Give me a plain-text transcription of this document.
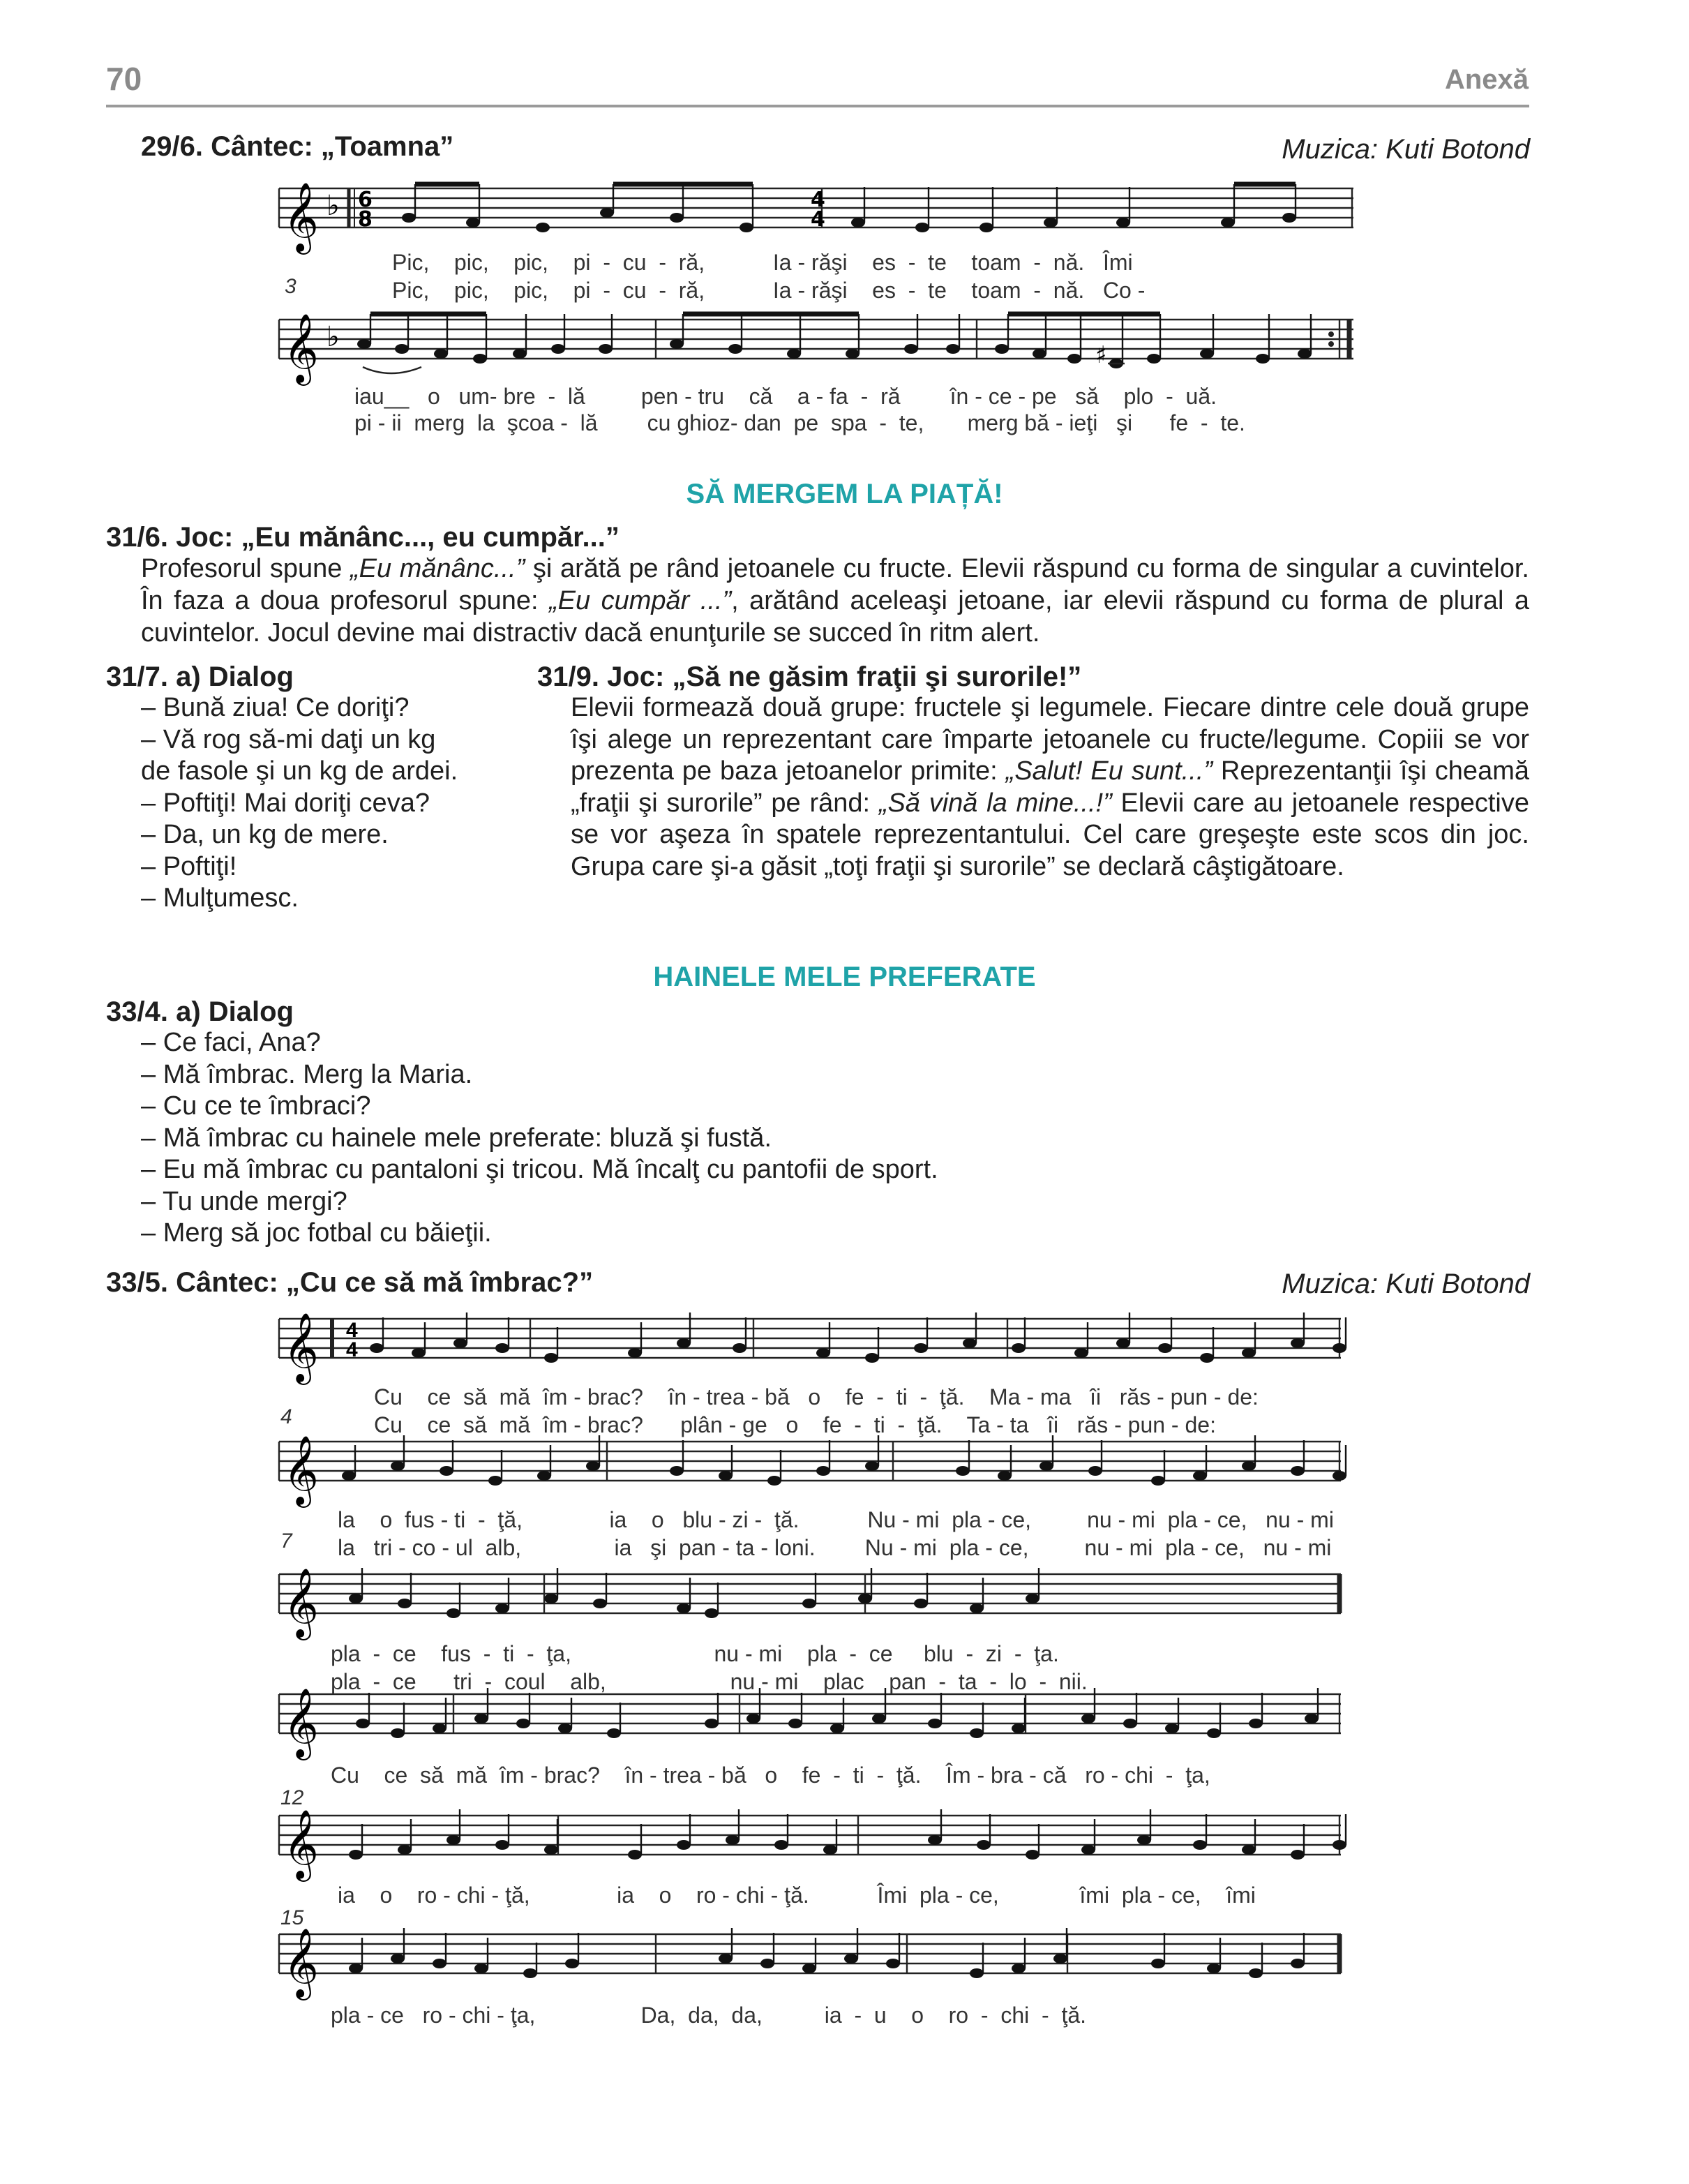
70	Anexă
29/6. Cântec: „Toamna”	Muzica: Kuti Botond
𝄞 ♭ 6
8
4
4
Pic,    pic,    pic,    pi  -  cu  -  ră,           Ia - răşi    es  -  te    toam  -  nă.   Îmi
Pic,    pic,    pic,    pi  -  cu  -  ră,           Ia - răşi    es  -  te    toam  -  nă.   Co -
3
𝄞 ♭
♯
iau__   o   um- bre  -  lă         pen - tru    că    a - fa  -  ră        în - ce - pe   să    plo  -  uă.
pi - ii  merg  la  şcoa -  lă        cu ghioz- dan  pe  spa  -  te,       merg bă - ieţi   şi      fe  -  te.
SĂ MERGEM LA PIAȚĂ!
31/6. Joc: „Eu mănânc..., eu cumpăr...”
Profesorul spune „Eu mănânc...” şi arătă pe rând jetoanele cu fructe. Elevii răspund cu forma de singular a cuvintelor. În faza a doua profesorul spune: „Eu cumpăr ...”, arătând aceleaşi jetoane, iar elevii răspund cu forma de plural a cuvintelor. Jocul devine mai distractiv dacă enunţurile se succed în ritm alert.
31/7. a) Dialog
– Bună ziua! Ce doriţi?
– Vă rog să-mi daţi un kg
de fasole şi un kg de ardei.
– Poftiţi! Mai doriţi ceva?
– Da, un kg de mere.
– Poftiţi!
– Mulţumesc.
31/9. Joc: „Să ne găsim fraţii şi surorile!”
Elevii formează două grupe: fructele şi legumele. Fiecare dintre cele două grupe îşi alege un reprezentant care împarte jetoanele cu fructe/legume. Copiii se vor prezenta pe baza jetoanelor primite: „Salut! Eu sunt...” Reprezentanţii îşi cheamă „fraţii şi surorile” pe rând: „Să vină la mine...!” Elevii care au jetoanele respective se vor aşeza în spatele reprezentantului. Cel care greşeşte este scos din joc. Grupa care şi-a găsit „toţi fraţii şi surorile” se declară câştigătoare.
HAINELE MELE PREFERATE
33/4. a) Dialog
– Ce faci, Ana?
– Mă îmbrac. Merg la Maria.
– Cu ce te îmbraci?
– Mă îmbrac cu hainele mele preferate: bluză şi fustă.
– Eu mă îmbrac cu pantaloni şi tricou. Mă încalţ cu pantofii de sport.
– Tu unde mergi?
– Merg să joc fotbal cu băieţii.
33/5. Cântec: „Cu ce să mă îmbrac?”	Muzica: Kuti Botond
𝄞 4
4
𝄞
𝄞
𝄞
𝄞
𝄞
4
7
12
15
Cu    ce  să  mă  îm - brac?    în - trea - bă   o    fe  -  ti  -  ţă.    Ma - ma   îi   răs - pun - de:
Cu    ce  să  mă  îm - brac?      plân - ge   o    fe  -  ti  -  ţă.    Ta - ta   îi   răs - pun - de:
la    o  fus - ti  -  ţă,              ia    o   blu - zi -  ţă.           Nu - mi  pla - ce,         nu - mi  pla - ce,   nu - mi
la   tri - co - ul  alb,               ia   şi  pan - ta - loni.        Nu - mi  pla - ce,         nu - mi  pla - ce,   nu - mi
pla  -  ce    fus  -  ti  -  ţa,                       nu - mi    pla  -  ce     blu  -  zi  -  ţa.
pla  -  ce      tri  -  coul    alb,                    nu - mi    plac    pan  -  ta  -  lo  -  nii.
Cu    ce  să  mă  îm - brac?    în - trea - bă   o    fe  -  ti  -  ţă.    Îm - bra - că   ro - chi  -  ţa,
ia    o    ro - chi - ţă,              ia    o    ro - chi - ţă.           Îmi  pla - ce,             îmi  pla - ce,    îmi
pla - ce   ro - chi - ţa,                 Da,  da,  da,          ia  -  u    o    ro  -  chi  -  ţă.
